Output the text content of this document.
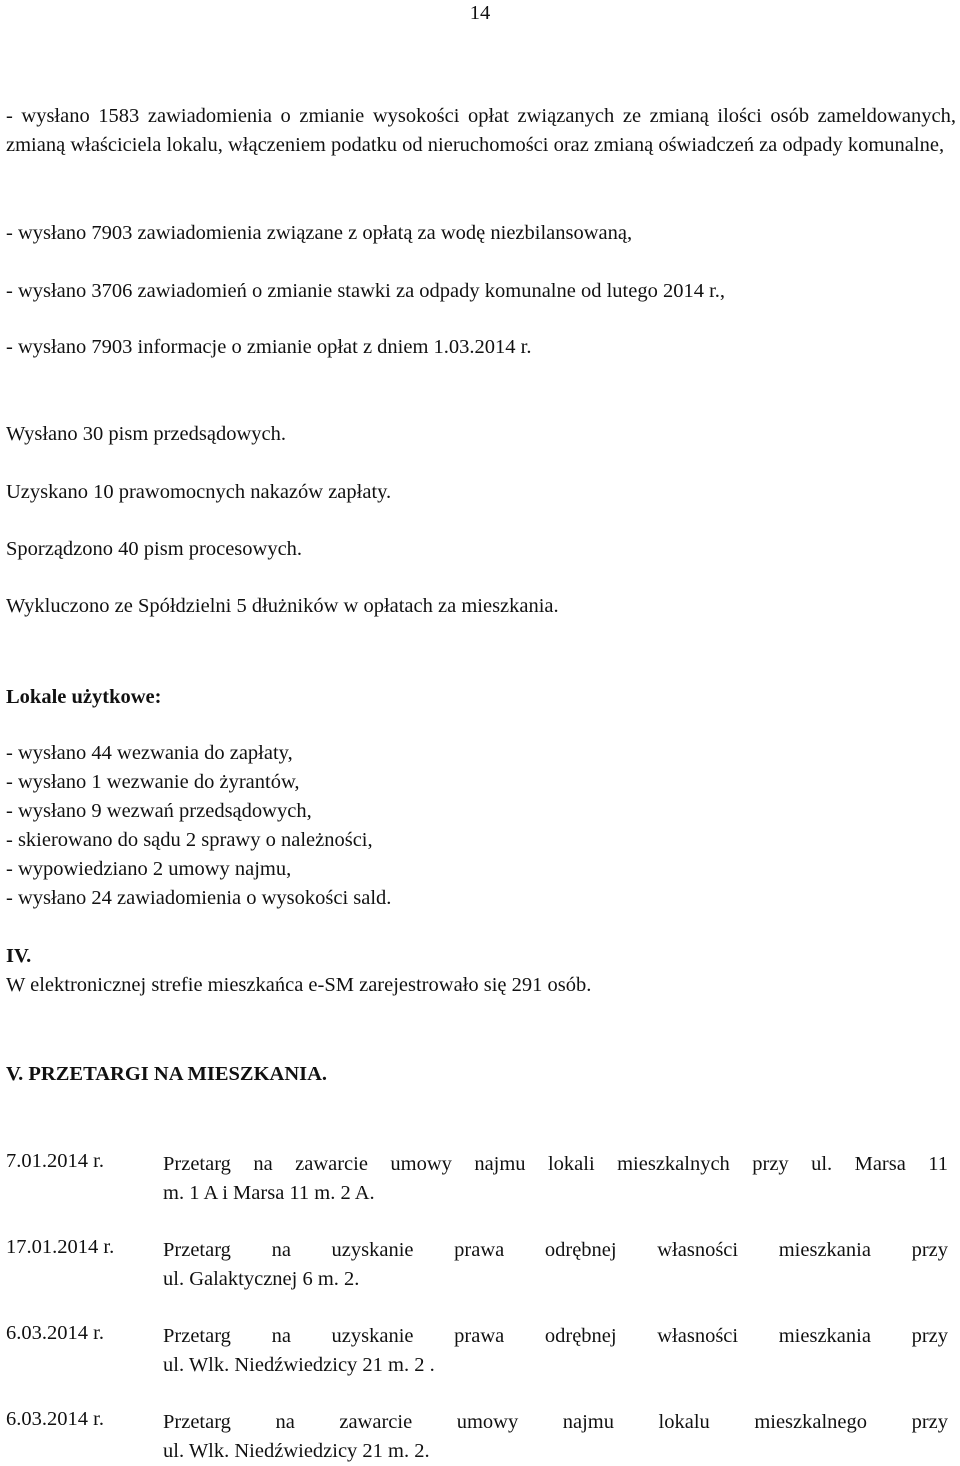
14
- wysłano 1583 zawiadomienia o zmianie wysokości opłat związanych ze zmianą ilości osób zameldowanych, zmianą właściciela lokalu, włączeniem podatku od nieruchomości oraz zmianą oświadczeń za odpady komunalne,
- wysłano 7903 zawiadomienia związane z opłatą za wodę niezbilansowaną,
- wysłano 3706 zawiadomień o zmianie stawki za odpady komunalne od lutego 2014 r.,
- wysłano 7903 informacje o zmianie opłat z dniem 1.03.2014 r.
Wysłano 30 pism przedsądowych.
Uzyskano 10 prawomocnych nakazów zapłaty.
Sporządzono 40 pism procesowych.
Wykluczono ze Spółdzielni 5 dłużników w opłatach za mieszkania.
Lokale użytkowe:
- wysłano 44 wezwania do zapłaty,
- wysłano 1 wezwanie do żyrantów,
- wysłano 9 wezwań przedsądowych,
- skierowano do sądu 2 sprawy o należności,
- wypowiedziano 2 umowy najmu,
- wysłano 24 zawiadomienia o wysokości sald.
IV.
W elektronicznej strefie mieszkańca e-SM zarejestrowało się 291 osób.
V. PRZETARGI NA MIESZKANIA.
7.01.2014 r.	Przetarg na zawarcie umowy najmu lokali mieszkalnych przy ul. Marsa 11
m. 1 A i Marsa 11 m. 2 A.
17.01.2014 r. Przetarg na uzyskanie prawa odrębnej własności mieszkania przy
ul. Galaktycznej 6 m. 2.
6.03.2014 r.	Przetarg na uzyskanie prawa odrębnej własności mieszkania przy
ul. Wlk. Niedźwiedzicy 21 m. 2 .
6.03.2014 r.	Przetarg na zawarcie umowy najmu lokalu mieszkalnego przy
ul. Wlk. Niedźwiedzicy 21 m. 2.
